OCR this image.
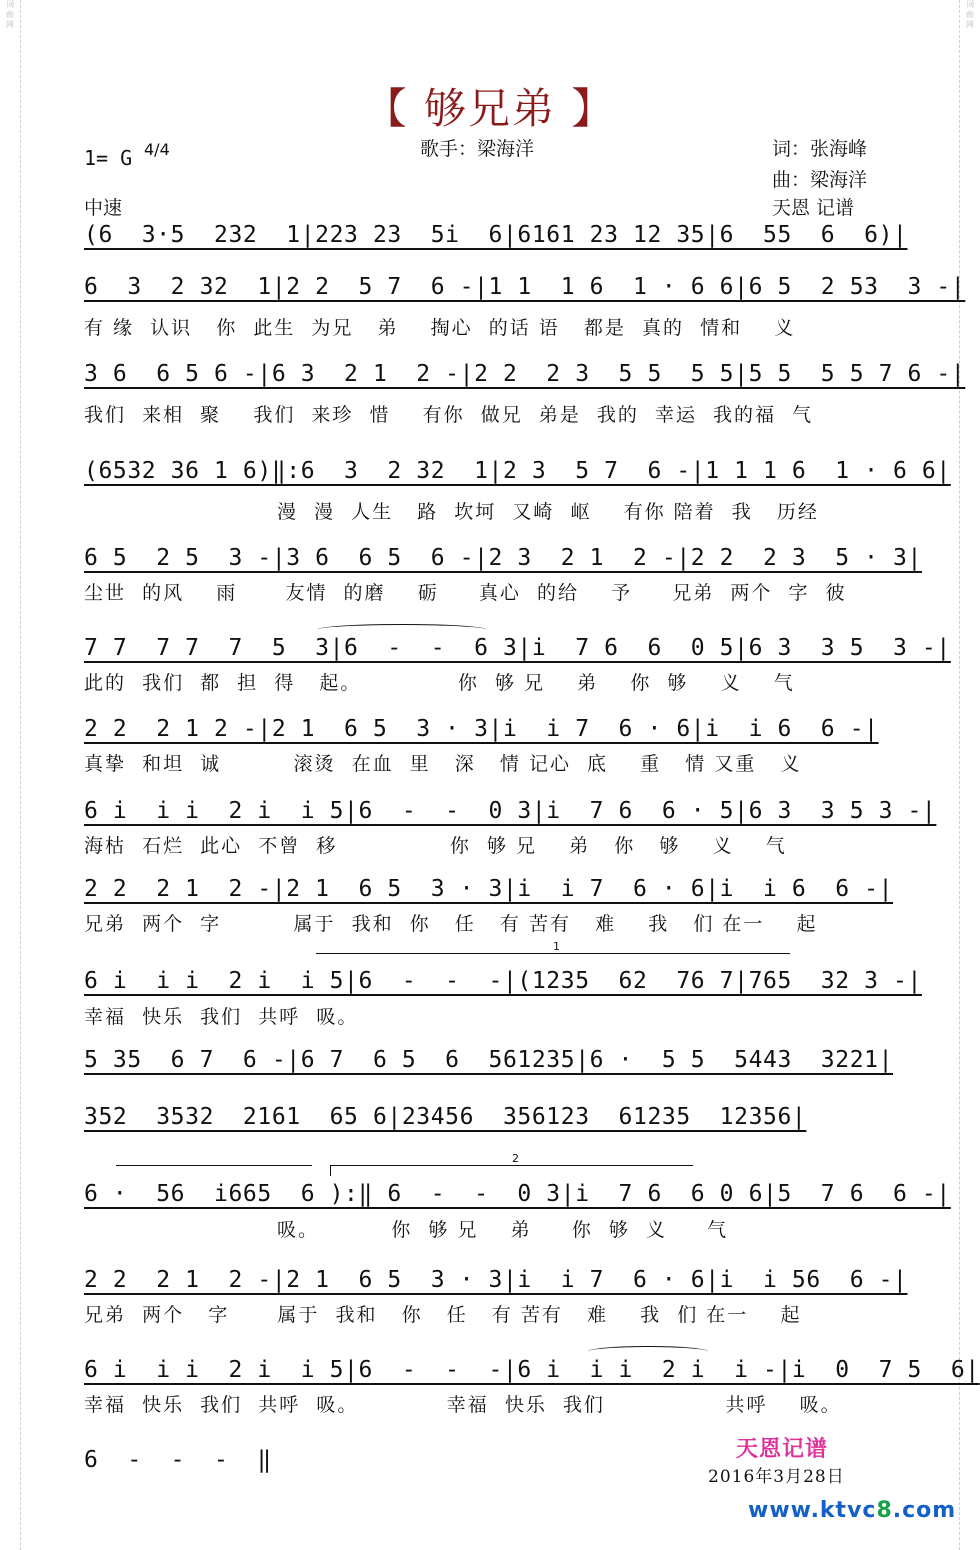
词
曲
网
词
曲
网
【 够兄弟 】
1= G 4/4	歌手：梁海洋	词：张海峰
曲：梁海洋
中速	天恩 记谱
(6  3·5  232  1|223 23  5i  6|6161 23 12 35|6  55  6  6)|
6  3  2 32  1|2 2  5 7  6 -|1 1  1 6  1 · 6 6|6 5  2 53  3 -|
有 缘  认识   你  此生  为兄   弟    掏心  的话 语   都是  真的  情和    义
3 6  6 5 6 -|6 3  2 1  2 -|2 2  2 3  5 5  5 5|5 5  5 5 7 6 -|
我们  来相  聚    我们  来珍  惜    有你  做兄  弟是  我的  幸运  我的福  气
(6532 36 1 6)‖:6  3  2 32  1|2 3  5 7  6 -|1 1 1 6  1 · 6 6|
漫  漫  人生   路  坎坷  又崎  岖    有你 陪着  我   历经
6 5  2 5  3 -|3 6  6 5  6 -|2 3  2 1  2 -|2 2  2 3  5 · 3|
尘世  的风    雨      友情  的磨    砺     真心  的给    予     兄弟  两个  字  彼
7 7  7 7  7  5  3|6  -  -  6 3|i  7 6  6  0 5|6 3  3 5  3 -|
此的  我们  都  担  得   起。            你  够 兄    弟    你  够    义    气
2 2  2 1 2 -|2 1  6 5  3 · 3|i  i 7  6 · 6|i  i 6  6 -|
真挚  和坦  诚         滚烫  在血  里   深   情 记心  底    重   情 又重   义
6 i  i i  2 i  i 5|6  -  -  0 3|i  7 6  6 · 5|6 3  3 5 3 -|
海枯  石烂  此心  不曾  移              你  够 兄    弟   你   够    义    气
2 2  2 1  2 -|2 1  6 5  3 · 3|i  i 7  6 · 6|i  i 6  6 -|
兄弟  两个  字         属于  我和  你   任   有 苦有   难    我   们 在一    起
1
6 i  i i  2 i  i 5|6  -  -  -|(1235  62  76 7|765  32 3 -|
幸福  快乐  我们  共呼  吸。
5 35  6 7  6 -|6 7  6 5  6  561235|6 ·  5 5  5443  3221|
352  3532  2161  65 6|23456  356123  61235  12356|
2
6 ·  56  i665  6 ):‖ 6  -  -  0 3|i  7 6  6 0 6|5  7 6  6 -|
吸。         你  够 兄    弟     你  够  义     气
2 2  2 1  2 -|2 1  6 5  3 · 3|i  i 7  6 · 6|i  i 56  6 -|
兄弟  两个   字      属于  我和   你   任   有 苦有   难    我  们 在一    起
6 i  i i  2 i  i 5|6  -  -  -|6 i  i i  2 i  i -|i  0  7 5  6|
幸福  快乐  我们  共呼  吸。           幸福  快乐  我们               共呼    吸。
6  -  -  -  ‖	天恩记谱
2016年3月28日
www.ktvc8.com
